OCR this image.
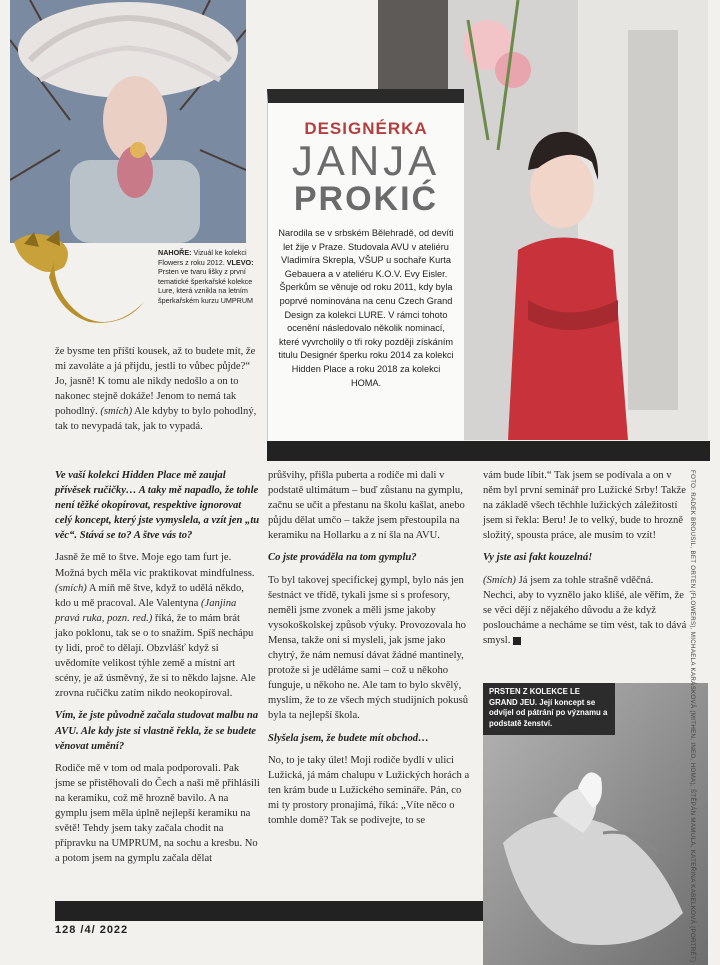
NAHOŘE: Vizuál ke kolekci Flowers z roku 2012. VLEVO: Prsten ve tvaru lišky z první tematické šperkařské kolekce Lure, která vznikla na letním šperkařském kurzu UMPRUM
DESIGNÉRKA
JANJA
PROKIĆ
Narodila se v srbském Bělehradě, od devíti let žije v Praze. Studovala AVU v ateliéru Vladimíra Skrepla, VŠUP u sochaře Kurta Gebauera a v ateliéru K.O.V. Evy Eisler. Šperkům se věnuje od roku 2011, kdy byla poprvé nominována na cenu Czech Grand Design za kolekci LURE. V rámci tohoto ocenění následovalo několik nominací, které vyvrcholily o tři roky později získáním titulu Designér šperku roku 2014 za kolekci Hidden Place a roku 2018 za kolekci HOMA.
že bysme ten příští kousek, až to budete mít, že mi zavoláte a já přijdu, jestli to vůbec půjde?“ Jo, jasně! K tomu ale nikdy nedošlo a on to nakonec stejně dokáže! Jenom to nemá tak pohodlný. (smích) Ale kdyby to bylo pohodlný, tak to nevypadá tak, jak to vypadá.

Ve vaší kolekci Hidden Place mě zaujal přívěsek ručičky… A taky mě napadlo, že tohle není těžké okopírovat, respektive ignorovat celý koncept, který jste vymyslela, a vzít jen „tu věc“. Stává se to? A štve vás to?

Jasně že mě to štve. Moje ego tam furt je. Možná bych měla víc praktikovat mindfulness. (smích) A míň mě štve, když to udělá někdo, kdo u mě pracoval. Ale Valentyna (Janjina pravá ruka, pozn. red.) říká, že to mám brát jako poklonu, tak se o to snažím. Spíš nechápu ty lidi, proč to dělají. Obzvlášť když si uvědomíte velikost týhle země a místní art scény, je až úsměvný, že si to někdo lajsne. Ale zrovna ručičku zatím nikdo neokopíroval.

Vím, že jste původně začala studovat malbu na AVU. Ale kdy jste si vlastně řekla, že se budete věnovat umění?

Rodiče mě v tom od mala podporovali. Pak jsme se přistěhovali do Čech a naši mě přihlásili na keramiku, což mě hrozně bavilo. A na gymplu jsem měla úplně nejlepší keramiku na světě! Tehdy jsem taky začala chodit na přípravku na UMPRUM, na sochu a kresbu. No a potom jsem na gymplu začala dělat

průšvihy, přišla puberta a rodiče mi dali v podstatě ultimátum – buď zůstanu na gymplu, začnu se učit a přestanu na školu kašlat, anebo půjdu dělat umčo – takže jsem přestoupila na keramiku na Hollarku a z ní šla na AVU.

Co jste prováděla na tom gymplu?

To byl takovej specifickej gympl, bylo nás jen šestnáct ve třídě, tykali jsme si s profesory, neměli jsme zvonek a měli jsme jakoby vysokoškolskej způsob výuky. Provozovala ho Mensa, takže oni si mysleli, jak jsme jako chytrý, že nám nemusí dávat žádné mantinely, protože si je uděláme sami – což u někoho funguje, u někoho ne. Ale tam to bylo skvělý, myslím, že to ze všech mých studijních pokusů byla ta nejlepší škola.

Slyšela jsem, že budete mít obchod…

No, to je taky úlet! Moji rodiče bydlí v ulici Lužická, já mám chalupu v Lužických horách a ten krám bude u Lužického semináře. Pán, co mi ty prostory pronajímá, říká: „Víte něco o tomhle domě? Tak se podívejte, to se

vám bude líbit.“ Tak jsem se podívala a on v něm byl první seminář pro Lužické Srby! Takže na základě všech těchhle lužických záležitostí jsem si řekla: Beru! Je to velký, bude to hrozně složitý, spousta práce, ale musím to vzít!

Vy jste asi fakt kouzelná!

(Smích) Já jsem za tohle strašně vděčná. Nechci, aby to vyznělo jako klišé, ale věřím, že se věci dějí z nějakého důvodu a že když posloucháme a necháme se tím vést, tak to dává smysl.

PRSTEN Z KOLEKCE LE GRAND JEU. Její koncept se odvíjel od pátrání po významu a podstatě ženství.
128 /4/ 2022	FOTO: RADEK BROUSIL, BET ORTEN (FLOWERS), MICHAELA KARÁSKOVÁ (MITHEN, INEO, HOMA), ŠTĚPÁN MAMULA, KATEŘINA KABELKOVÁ (PORTRÉT)
